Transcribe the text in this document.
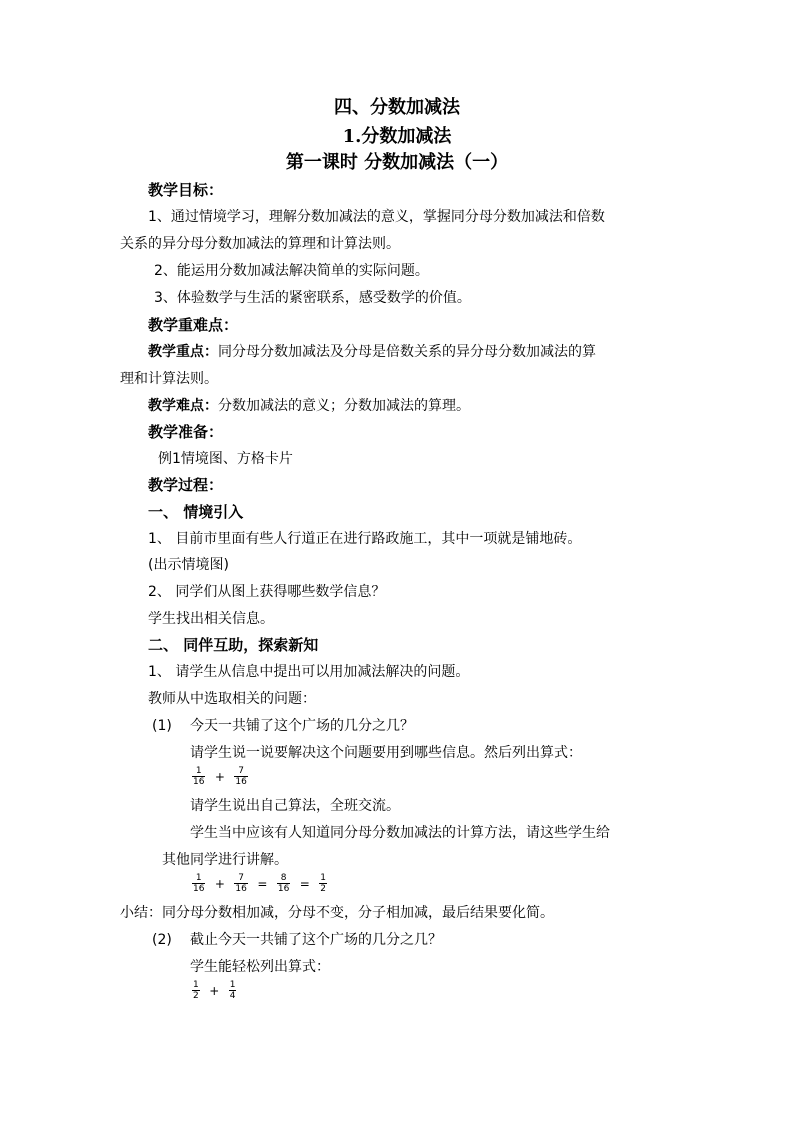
四、分数加减法
1.分数加减法
第一课时 分数加减法（一）
教学目标：
1、通过情境学习，理解分数加减法的意义，掌握同分母分数加减法和倍数
关系的异分母分数加减法的算理和计算法则。
2、能运用分数加减法解决简单的实际问题。
3、体验数学与生活的紧密联系，感受数学的价值。
教学重难点：
教学重点：同分母分数加减法及分母是倍数关系的异分母分数加减法的算
理和计算法则。
教学难点：分数加减法的意义；分数加减法的算理。
教学准备：
例1情境图、方格卡片
教学过程：
一、 情境引入
1、 目前市里面有些人行道正在进行路政施工，其中一项就是铺地砖。
(出示情境图)
2、 同学们从图上获得哪些数学信息？
学生找出相关信息。
二、 同伴互助，探索新知
1、 请学生从信息中提出可以用加减法解决的问题。
教师从中选取相关的问题：
(1) 今天一共铺了这个广场的几分之几？
请学生说一说要解决这个问题要用到哪些信息。然后列出算式：
$\frac{1}{16} + \frac{7}{16}$
请学生说出自己算法，全班交流。
学生当中应该有人知道同分母分数加减法的计算方法，请这些学生给
其他同学进行讲解。
$\frac{1}{16} + \frac{7}{16} = \frac{8}{16} = \frac{1}{2}$
小结：同分母分数相加减，分母不变，分子相加减，最后结果要化简。
(2) 截止今天一共铺了这个广场的几分之几？
学生能轻松列出算式：
$\frac{1}{2} + \frac{1}{4}$
